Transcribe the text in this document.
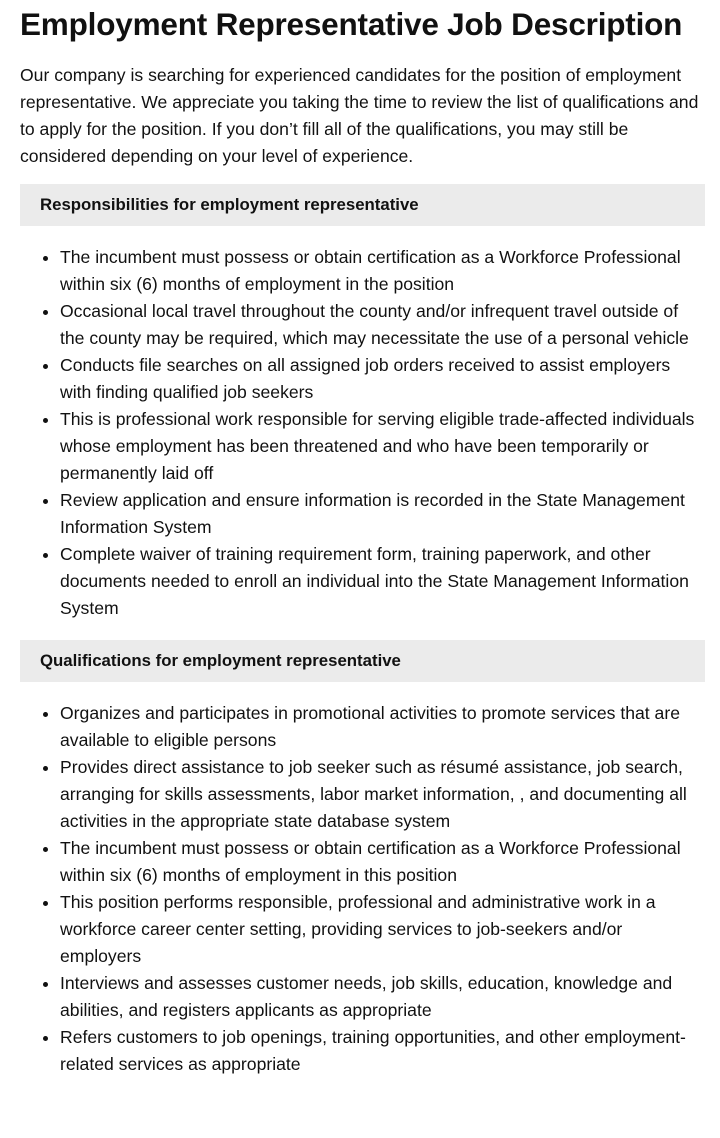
Employment Representative Job Description

Our company is searching for experienced candidates for the position of employment representative. We appreciate you taking the time to review the list of qualifications and to apply for the position. If you don’t fill all of the qualifications, you may still be considered depending on your level of experience.

Responsibilities for employment representative
• The incumbent must possess or obtain certification as a Workforce Professional within six (6) months of employment in the position
• Occasional local travel throughout the county and/or infrequent travel outside of the county may be required, which may necessitate the use of a personal vehicle
• Conducts file searches on all assigned job orders received to assist employers with finding qualified job seekers
• This is professional work responsible for serving eligible trade-affected individuals whose employment has been threatened and who have been temporarily or permanently laid off
• Review application and ensure information is recorded in the State Management Information System
• Complete waiver of training requirement form, training paperwork, and other documents needed to enroll an individual into the State Management Information System
Qualifications for employment representative
• Organizes and participates in promotional activities to promote services that are available to eligible persons
• Provides direct assistance to job seeker such as résumé assistance, job search, arranging for skills assessments, labor market information, , and documenting all activities in the appropriate state database system
• The incumbent must possess or obtain certification as a Workforce Professional within six (6) months of employment in this position
• This position performs responsible, professional and administrative work in a workforce career center setting, providing services to job-seekers and/or employers
• Interviews and assesses customer needs, job skills, education, knowledge and abilities, and registers applicants as appropriate
• Refers customers to job openings, training opportunities, and other employment-related services as appropriate
